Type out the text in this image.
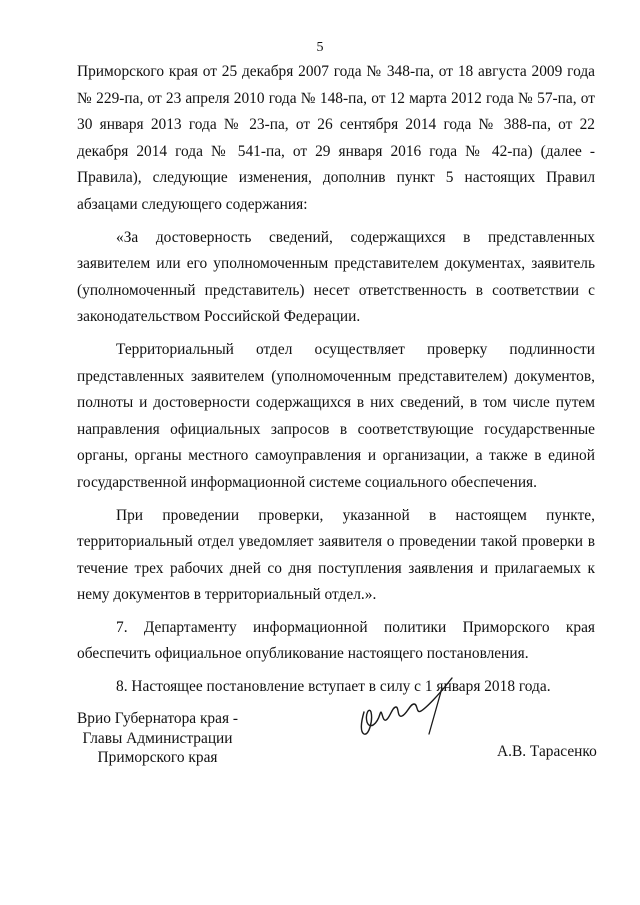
5

Приморского края от 25 декабря 2007 года № 348-па, от 18 августа 2009 года № 229-па, от 23 апреля 2010 года № 148-па, от 12 марта 2012 года № 57-па, от 30 января 2013 года № 23-па, от 26 сентября 2014 года № 388-па, от 22 декабря 2014 года № 541-па, от 29 января 2016 года № 42-па) (далее - Правила), следующие изменения, дополнив пункт 5 настоящих Правил абзацами следующего содержания:

«За достоверность сведений, содержащихся в представленных заявителем или его уполномоченным представителем документах, заявитель (уполномоченный представитель) несет ответственность в соответствии с законодательством Российской Федерации.

Территориальный отдел осуществляет проверку подлинности представленных заявителем (уполномоченным представителем) документов, полноты и достоверности содержащихся в них сведений, в том числе путем направления официальных запросов в соответствующие государственные органы, органы местного самоуправления и организации, а также в единой государственной информационной системе социального обеспечения.

При проведении проверки, указанной в настоящем пункте, территориальный отдел уведомляет заявителя о проведении такой проверки в течение трех рабочих дней со дня поступления заявления и прилагаемых к нему документов в территориальный отдел.».

7. Департаменту информационной политики Приморского края обеспечить официальное опубликование настоящего постановления.

8. Настоящее постановление вступает в силу с 1 января 2018 года.

Врио Губернатора края -
Главы Администрации
Приморского края	А.В. Тарасенко
